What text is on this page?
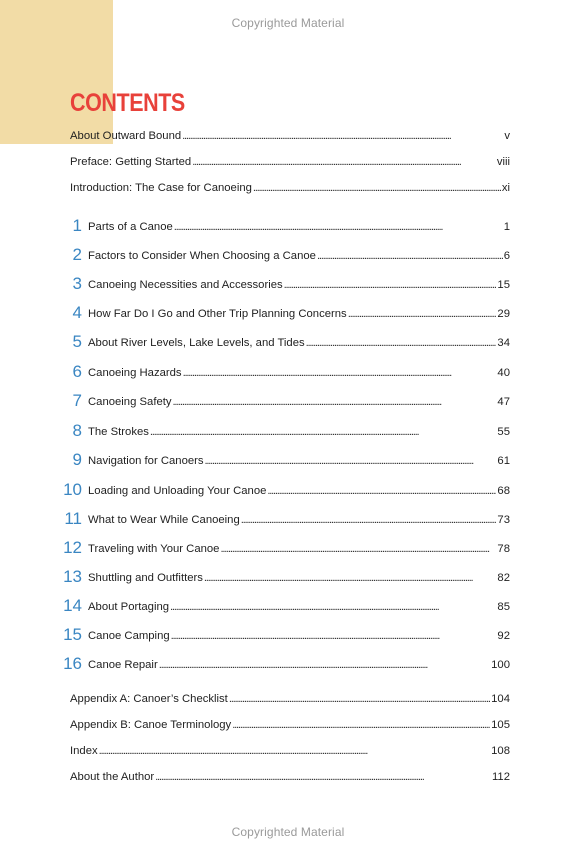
Copyrighted Material
CONTENTS
About Outward Bound . . .	v
Preface: Getting Started . . .	viii
Introduction: The Case for Canoeing . . .	xi
1 Parts of a Canoe . . .	1
2 Factors to Consider When Choosing a Canoe . . .	6
3 Canoeing Necessities and Accessories . . .	15
4 How Far Do I Go and Other Trip Planning Concerns . . .	29
5 About River Levels, Lake Levels, and Tides . . .	34
6 Canoeing Hazards . . .	40
7 Canoeing Safety . . .	47
8 The Strokes . . .	55
9 Navigation for Canoers . . .	61
10 Loading and Unloading Your Canoe . . .	68
11 What to Wear While Canoeing . . .	73
12 Traveling with Your Canoe . . .	78
13 Shuttling and Outfitters . . .	82
14 About Portaging . . .	85
15 Canoe Camping . . .	92
16 Canoe Repair . . .	100
Appendix A: Canoer’s Checklist . . .	104
Appendix B: Canoe Terminology . . .	105
Index . . .	108
About the Author . . .	112
Copyrighted Material
